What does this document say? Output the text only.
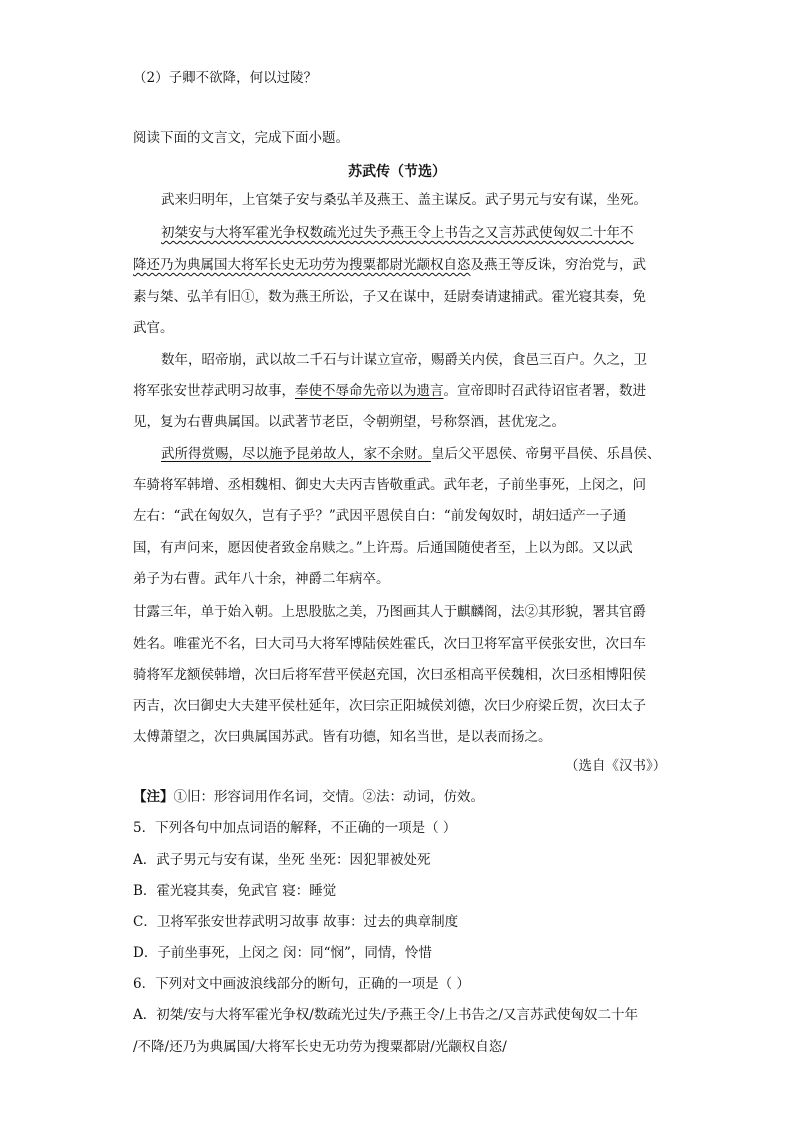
（2）子卿不欲降，何以过陵？
阅读下面的文言文，完成下面小题。
苏武传（节选）
武来归明年，上官桀子安与桑弘羊及燕王、盖主谋反。武子男元与安有谋，坐死。
初桀安与大将军霍光争权数疏光过失予燕王令上书告之又言苏武使匈奴二十年不
降还乃为典属国大将军长史无功劳为搜粟都尉光颛权自恣及燕王等反诛，穷治党与，武
素与桀、弘羊有旧①，数为燕王所讼，子又在谋中，廷尉奏请逮捕武。霍光寝其奏，免
武官。
数年，昭帝崩，武以故二千石与计谋立宣帝，赐爵关内侯，食邑三百户。久之，卫
将军张安世荐武明习故事，奉使不辱命先帝以为遗言。宣帝即时召武待诏宦者署，数进
见，复为右曹典属国。以武著节老臣，令朝朔望，号称祭酒，甚优宠之。
武所得赏赐，尽以施予昆弟故人，家不余财。皇后父平恩侯、帝舅平昌侯、乐昌侯、
车骑将军韩增、丞相魏相、御史大夫丙吉皆敬重武。武年老，子前坐事死，上闵之，问
左右：“武在匈奴久，岂有子乎？”武因平恩侯自白：“前发匈奴时，胡妇适产一子通
国，有声问来，愿因使者致金帛赎之。”上许焉。后通国随使者至，上以为郎。又以武
弟子为右曹。武年八十余，神爵二年病卒。
甘露三年，单于始入朝。上思股肱之美，乃图画其人于麒麟阁，法②其形貌，署其官爵
姓名。唯霍光不名，曰大司马大将军博陆侯姓霍氏，次曰卫将军富平侯张安世，次曰车
骑将军龙额侯韩增，次曰后将军营平侯赵充国，次曰丞相高平侯魏相，次曰丞相博阳侯
丙吉，次曰御史大夫建平侯杜延年，次曰宗正阳城侯刘德，次曰少府梁丘贺，次曰太子
太傅萧望之，次曰典属国苏武。皆有功德，知名当世，是以表而扬之。
（选自《汉书》）
【注】①旧：形容词用作名词，交情。②法：动词，仿效。
5．下列各句中加点词语的解释，不正确的一项是（ ）
A．武子男元与安有谋，坐死 坐死：因犯罪被处死
B．霍光寝其奏，免武官 寝：睡觉
C．卫将军张安世荐武明习故事 故事：过去的典章制度
D．子前坐事死，上闵之 闵：同“悯”，同情，怜惜
6．下列对文中画波浪线部分的断句，正确的一项是（ ）
A．初桀/安与大将军霍光争权/数疏光过失/予燕王令/上书告之/又言苏武使匈奴二十年
/不降/还乃为典属国/大将军长史无功劳为搜粟都尉/光颛权自恣/
